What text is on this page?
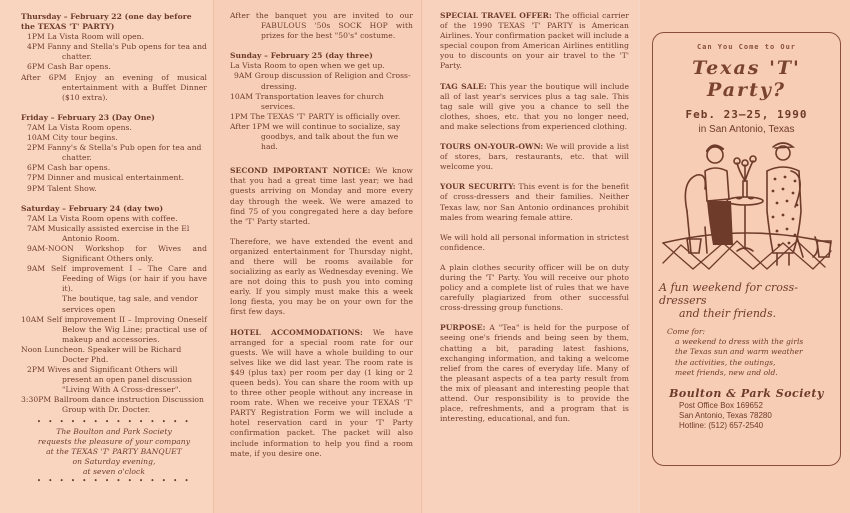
Thursday – February 22 (one day before the TEXAS 'T' PARTY)

1PM La Vista Room will open.

4PM Fanny and Stella's Pub opens for tea and chatter.

6PM Cash Bar opens.

After 6PM Enjoy an evening of musical entertainment with a Buffet Dinner ($10 extra).

Friday – February 23 (Day One)

7AM La Vista Room opens.

10AM City tour begins.

2PM Fanny's & Stella's Pub open for tea and chatter.

6PM Cash bar opens.

7PM Dinner and musical entertainment.

9PM Talent Show.

Saturday – February 24 (day two)

7AM La Vista Room opens with coffee.

7AM Musically assisted exercise in the El Antonio Room.

9AM-NOON Workshop for Wives and Significant Others only.

9AM Self improvement I – The Care and Feeding of Wigs (or hair if you have it).

The boutique, tag sale, and vendor services open

10AM Self improvement II – Improving Oneself Below the Wig Line; practical use of makeup and accessories.

Noon Luncheon. Speaker will be Richard Docter Phd.

2PM Wives and Significant Others will present an open panel discussion "Living With A Cross-dresser".

3:30PM Ballroom dance instruction Discussion Group with Dr. Docter.

• • • • • • • • • • • • • •
The Boulton and Park Society
requests the pleasure of your company
at the TEXAS 'T' PARTY BANQUET
on Saturday evening,
at seven o'clock
• • • • • • • • • • • • • •

After the banquet you are invited to our FABULOUS '50s SOCK HOP with prizes for the best "50's" costume.

Sunday – February 25 (day three)

La Vista Room to open when we get up.

9AM Group discussion of Religion and Cross-dressing.

10AM Transportation leaves for church services.

1PM The TEXAS 'T' PARTY is officially over.

After 1PM we will continue to socialize, say goodbys, and talk about the fun we had.

SECOND IMPORTANT NOTICE: We know that you had a great time last year; we had guests arriving on Monday and more every day through the week. We were amazed to find 75 of you congregated here a day before the 'T' Party started.

Therefore, we have extended the event and organized entertainment for Thursday night, and there will be rooms available for socializing as early as Wednesday evening. We are not doing this to push you into coming early. If you simply must make this a week long fiesta, you may be on your own for the first few days.

HOTEL ACCOMMODATIONS: We have arranged for a special room rate for our guests. We will have a whole building to our selves like we did last year. The room rate is $49 (plus tax) per room per day (1 king or 2 queen beds). You can share the room with up to three other people without any increase in room rate. When we receive your TEXAS 'T' PARTY Registration Form we will include a hotel reservation card in your 'T' Party confirmation packet. The packet will also include information to help you find a room mate, if you desire one.

SPECIAL TRAVEL OFFER: The official carrier of the 1990 TEXAS 'T' PARTY is American Airlines. Your confirmation packet will include a special coupon from American Airlines entitling you to discounts on your air travel to the 'T' Party.

TAG SALE: This year the boutique will include all of last year's services plus a tag sale. This tag sale will give you a chance to sell the clothes, shoes, etc. that you no longer need, and make selections from experienced clothing.

TOURS ON-YOUR-OWN: We will provide a list of stores, bars, restaurants, etc. that will welcome you.

YOUR SECURITY: This event is for the benefit of cross-dressers and their families. Neither Texas law, nor San Antonio ordinances prohibit males from wearing female attire.

We will hold all personal information in strictest confidence.

A plain clothes security officer will be on duty during the 'T' Party. You will receive our photo policy and a complete list of rules that we have carefully plagiarized from other successful cross-dressing group functions.

PURPOSE: A "Tea" is held for the purpose of seeing one's friends and being seen by them, chatting a bit, parading latest fashions, exchanging information, and taking a welcome relief from the cares of everyday life. Many of the pleasant aspects of a tea party result from the mix of pleasant and interesting people that attend. Our responsibility is to provide the place, refreshments, and a program that is interesting, educational, and fun.

Can You Come to Our
Texas 'T' Party?
Feb. 23–25, 1990
in San Antonio, Texas
A fun weekend for cross-dressers
and their friends.
Come for:
a weekend to dress with the girls
the Texas sun and warm weather
the activities, the outings,
meet friends, new and old.
Boulton & Park Society
Post Office Box 169652
San Antonio, Texas 78280
Hotline: (512) 657-2540
